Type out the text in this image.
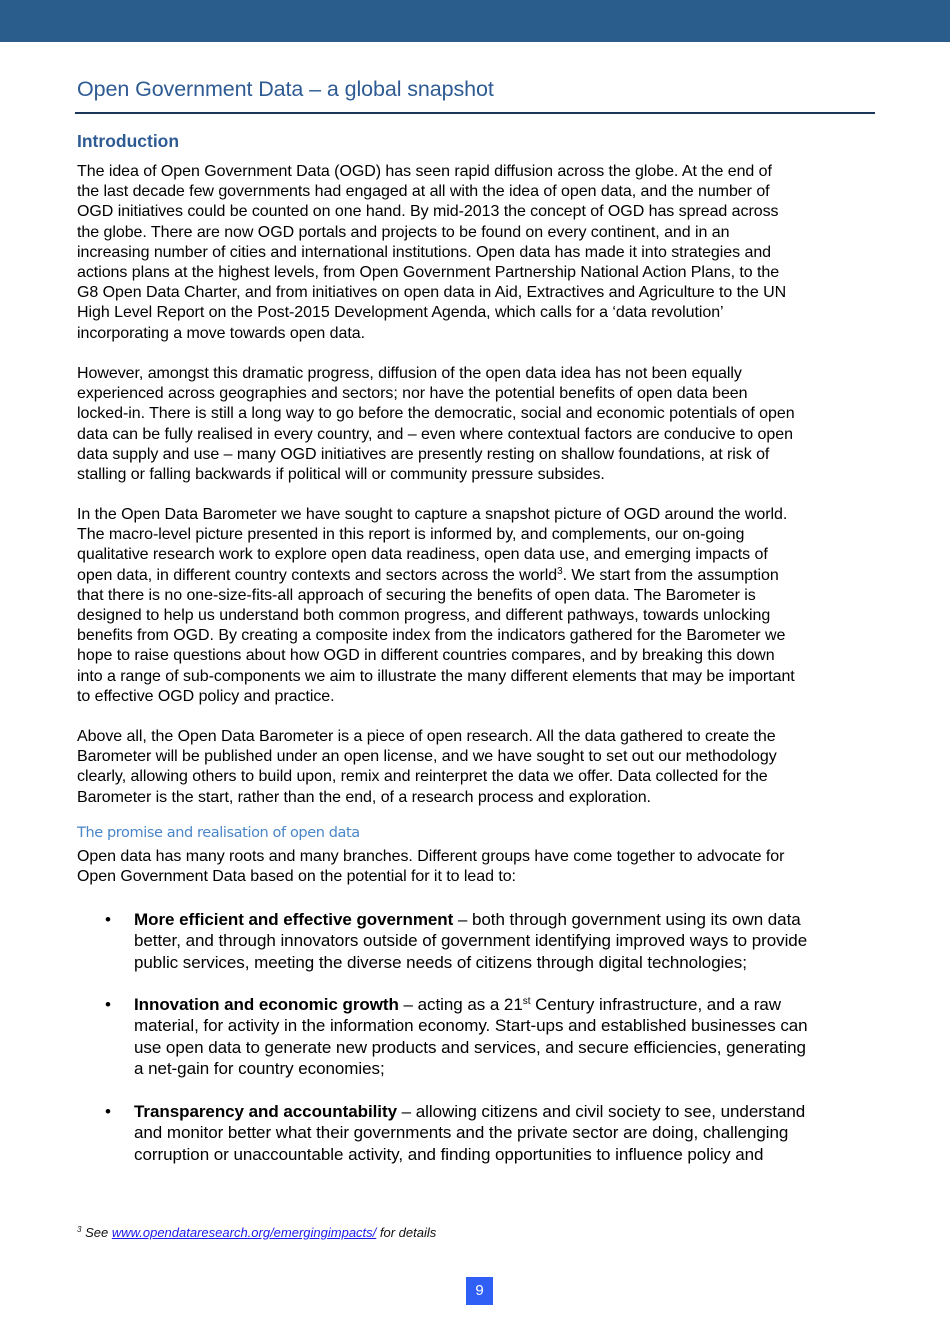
Open Government Data – a global snapshot
Introduction
The idea of Open Government Data (OGD) has seen rapid diffusion across the globe. At the end of
the last decade few governments had engaged at all with the idea of open data, and the number of
OGD initiatives could be counted on one hand. By mid-2013 the concept of OGD has spread across
the globe. There are now OGD portals and projects to be found on every continent, and in an
increasing number of cities and international institutions. Open data has made it into strategies and
actions plans at the highest levels, from Open Government Partnership National Action Plans, to the
G8 Open Data Charter, and from initiatives on open data in Aid, Extractives and Agriculture to the UN
High Level Report on the Post-2015 Development Agenda, which calls for a ‘data revolution’
incorporating a move towards open data.
However, amongst this dramatic progress, diffusion of the open data idea has not been equally
experienced across geographies and sectors; nor have the potential benefits of open data been
locked-in. There is still a long way to go before the democratic, social and economic potentials of open
data can be fully realised in every country, and – even where contextual factors are conducive to open
data supply and use – many OGD initiatives are presently resting on shallow foundations, at risk of
stalling or falling backwards if political will or community pressure subsides.
In the Open Data Barometer we have sought to capture a snapshot picture of OGD around the world.
The macro-level picture presented in this report is informed by, and complements, our on-going
qualitative research work to explore open data readiness, open data use, and emerging impacts of
open data, in different country contexts and sectors across the world$^3$. We start from the assumption
that there is no one-size-fits-all approach of securing the benefits of open data. The Barometer is
designed to help us understand both common progress, and different pathways, towards unlocking
benefits from OGD. By creating a composite index from the indicators gathered for the Barometer we
hope to raise questions about how OGD in different countries compares, and by breaking this down
into a range of sub-components we aim to illustrate the many different elements that may be important
to effective OGD policy and practice.
Above all, the Open Data Barometer is a piece of open research. All the data gathered to create the
Barometer will be published under an open license, and we have sought to set out our methodology
clearly, allowing others to build upon, remix and reinterpret the data we offer. Data collected for the
Barometer is the start, rather than the end, of a research process and exploration.
The promise and realisation of open data
Open data has many roots and many branches. Different groups have come together to advocate for
Open Government Data based on the potential for it to lead to:
• More efficient and effective government – both through government using its own data
better, and through innovators outside of government identifying improved ways to provide
public services, meeting the diverse needs of citizens through digital technologies;
• Innovation and economic growth – acting as a 21st Century infrastructure, and a raw
material, for activity in the information economy. Start-ups and established businesses can
use open data to generate new products and services, and secure efficiencies, generating
a net-gain for country economies;
• Transparency and accountability – allowing citizens and civil society to see, understand
and monitor better what their governments and the private sector are doing, challenging
corruption or unaccountable activity, and finding opportunities to influence policy and
$^3$ See www.opendataresearch.org/emergingimpacts/ for details
9
